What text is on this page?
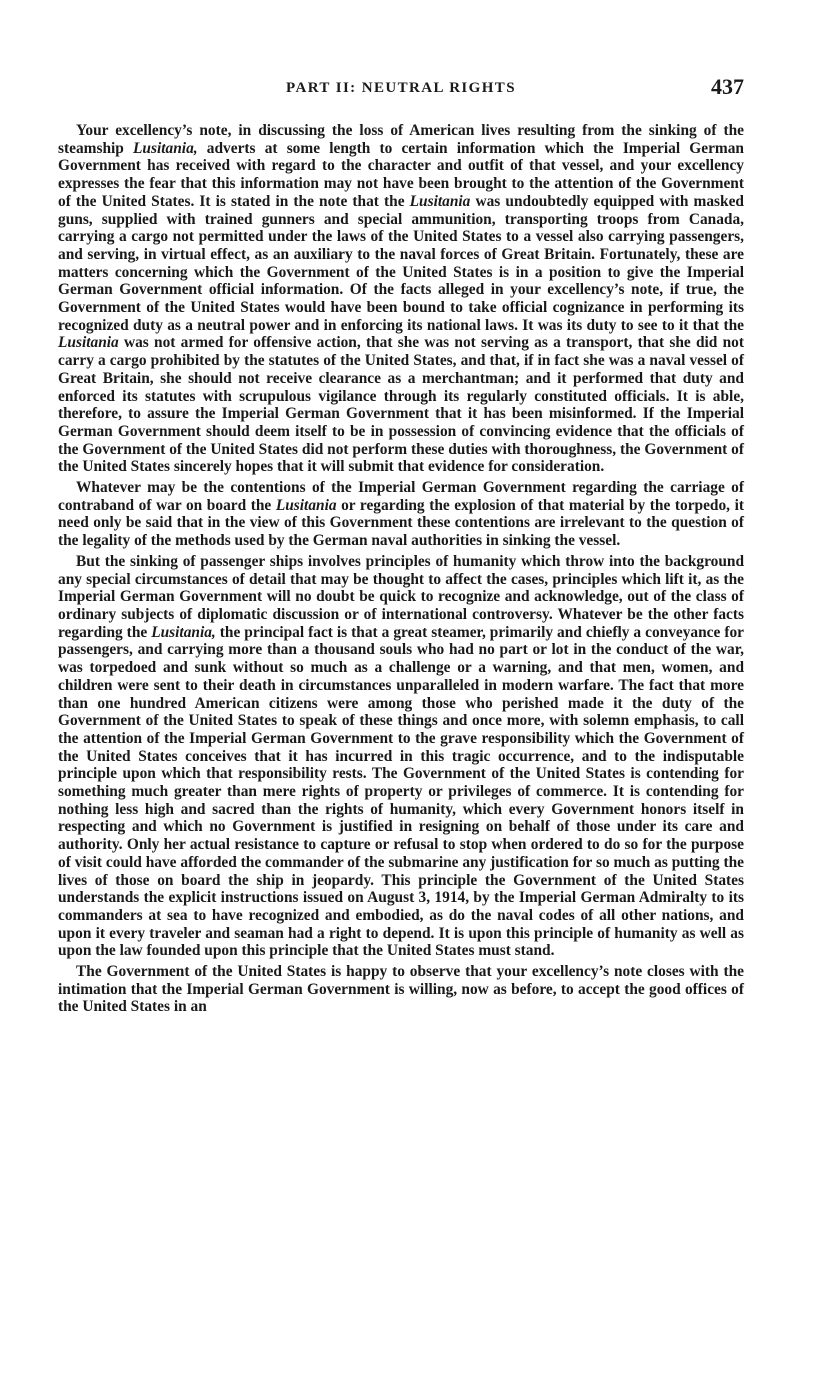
PART II: NEUTRAL RIGHTS	437

Your excellency’s note, in discussing the loss of American lives resulting from the sinking of the steamship Lusitania, adverts at some length to certain information which the Imperial German Government has received with regard to the character and outfit of that vessel, and your excellency expresses the fear that this information may not have been brought to the attention of the Government of the United States. It is stated in the note that the Lusitania was undoubtedly equipped with masked guns, supplied with trained gunners and special ammunition, transporting troops from Canada, carrying a cargo not permitted under the laws of the United States to a vessel also carrying passengers, and serving, in virtual effect, as an auxiliary to the naval forces of Great Britain. Fortunately, these are matters concerning which the Government of the United States is in a position to give the Imperial German Government official information. Of the facts alleged in your excellency’s note, if true, the Government of the United States would have been bound to take official cognizance in performing its recognized duty as a neutral power and in enforcing its national laws. It was its duty to see to it that the Lusitania was not armed for offensive action, that she was not serving as a transport, that she did not carry a cargo prohibited by the statutes of the United States, and that, if in fact she was a naval vessel of Great Britain, she should not receive clearance as a merchantman; and it performed that duty and enforced its statutes with scrupulous vigilance through its regularly constituted officials. It is able, therefore, to assure the Imperial German Government that it has been misinformed. If the Imperial German Government should deem itself to be in possession of convincing evidence that the officials of the Government of the United States did not perform these duties with thoroughness, the Government of the United States sincerely hopes that it will submit that evidence for consideration.

Whatever may be the contentions of the Imperial German Government regarding the carriage of contraband of war on board the Lusitania or regarding the explosion of that material by the torpedo, it need only be said that in the view of this Government these contentions are irrelevant to the question of the legality of the methods used by the German naval authorities in sinking the vessel.

But the sinking of passenger ships involves principles of humanity which throw into the background any special circumstances of detail that may be thought to affect the cases, principles which lift it, as the Imperial German Government will no doubt be quick to recognize and acknowledge, out of the class of ordinary subjects of diplomatic discussion or of international controversy. Whatever be the other facts regarding the Lusitania, the principal fact is that a great steamer, primarily and chiefly a conveyance for passengers, and carrying more than a thousand souls who had no part or lot in the conduct of the war, was torpedoed and sunk without so much as a challenge or a warning, and that men, women, and children were sent to their death in circumstances unparalleled in modern warfare. The fact that more than one hundred American citizens were among those who perished made it the duty of the Government of the United States to speak of these things and once more, with solemn emphasis, to call the attention of the Imperial German Government to the grave responsibility which the Government of the United States conceives that it has incurred in this tragic occurrence, and to the indisputable principle upon which that responsibility rests. The Government of the United States is contending for something much greater than mere rights of property or privileges of commerce. It is contending for nothing less high and sacred than the rights of humanity, which every Government honors itself in respecting and which no Government is justified in resigning on behalf of those under its care and authority. Only her actual resistance to capture or refusal to stop when ordered to do so for the purpose of visit could have afforded the commander of the submarine any justification for so much as putting the lives of those on board the ship in jeopardy. This principle the Government of the United States understands the explicit instructions issued on August 3, 1914, by the Imperial German Admiralty to its commanders at sea to have recognized and embodied, as do the naval codes of all other nations, and upon it every traveler and seaman had a right to depend. It is upon this principle of humanity as well as upon the law founded upon this principle that the United States must stand.

The Government of the United States is happy to observe that your excellency’s note closes with the intimation that the Imperial German Government is willing, now as before, to accept the good offices of the United States in an
